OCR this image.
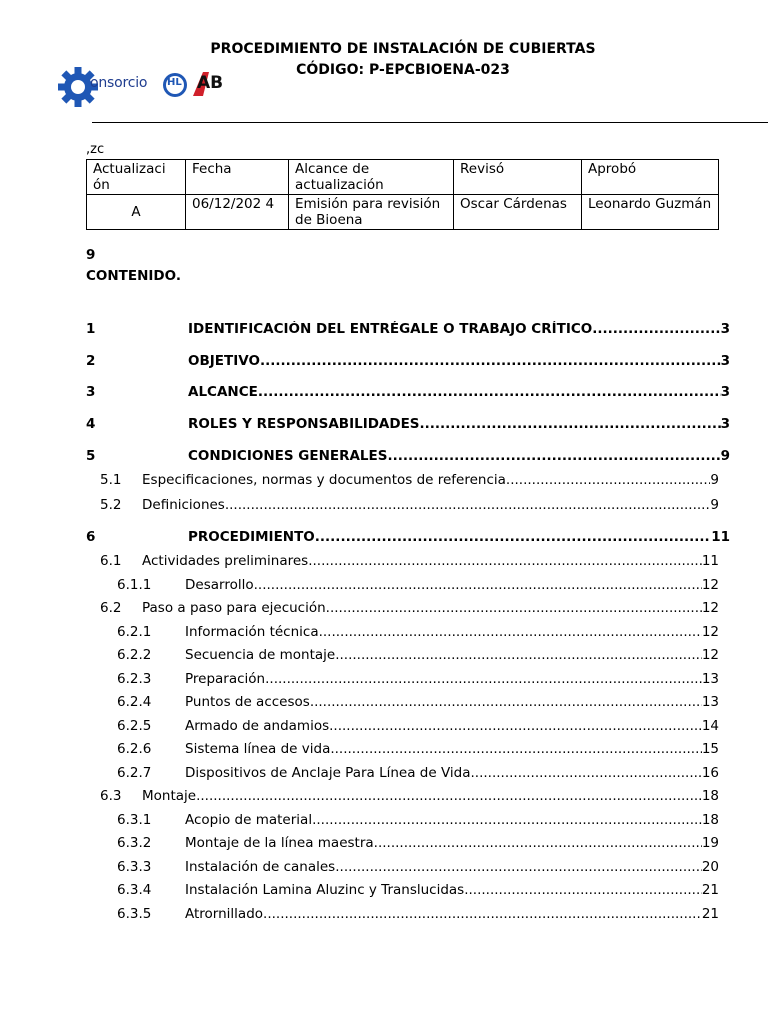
PROCEDIMIENTO DE INSTALACIÓN DE CUBIERTAS
CÓDIGO: P-EPCBIOENA-023
onsorcio HL AB
,zc
Actualizaci ón	Fecha	Alcance de actualización	Revisó	Aprobó
A	06/12/202 4	Emisión para revisión de Bioena	Oscar Cárdenas	Leonardo Guzmán
9
CONTENIDO.
1	IDENTIFICACIÓN DEL ENTRÉGALE O TRABAJO CRÍTICO .....	3
2	OBJETIVO .....	3
3	ALCANCE .....	3
4	ROLES Y RESPONSABILIDADES .....	3
5	CONDICIONES GENERALES .....	9
5.1 Especificaciones, normas y documentos de referencia .....	9
5.2 Definiciones .....	9
6	PROCEDIMIENTO .....	11
6.1 Actividades preliminares .....	11
6.1.1 Desarrollo .....	12
6.2 Paso a paso para ejecución .....	12
6.2.1 Información técnica .....	12
6.2.2 Secuencia de montaje .....	12
6.2.3 Preparación .....	13
6.2.4 Puntos de accesos .....	13
6.2.5 Armado de andamios .....	14
6.2.6 Sistema línea de vida .....	15
6.2.7 Dispositivos de Anclaje Para Línea de Vida .....	16
6.3 Montaje .....	18
6.3.1 Acopio de material .....	18
6.3.2 Montaje de la línea maestra .....	19
6.3.3 Instalación de canales .....	20
6.3.4 Instalación Lamina Aluzinc y Translucidas .....	21
6.3.5 Atrornillado .....	21
